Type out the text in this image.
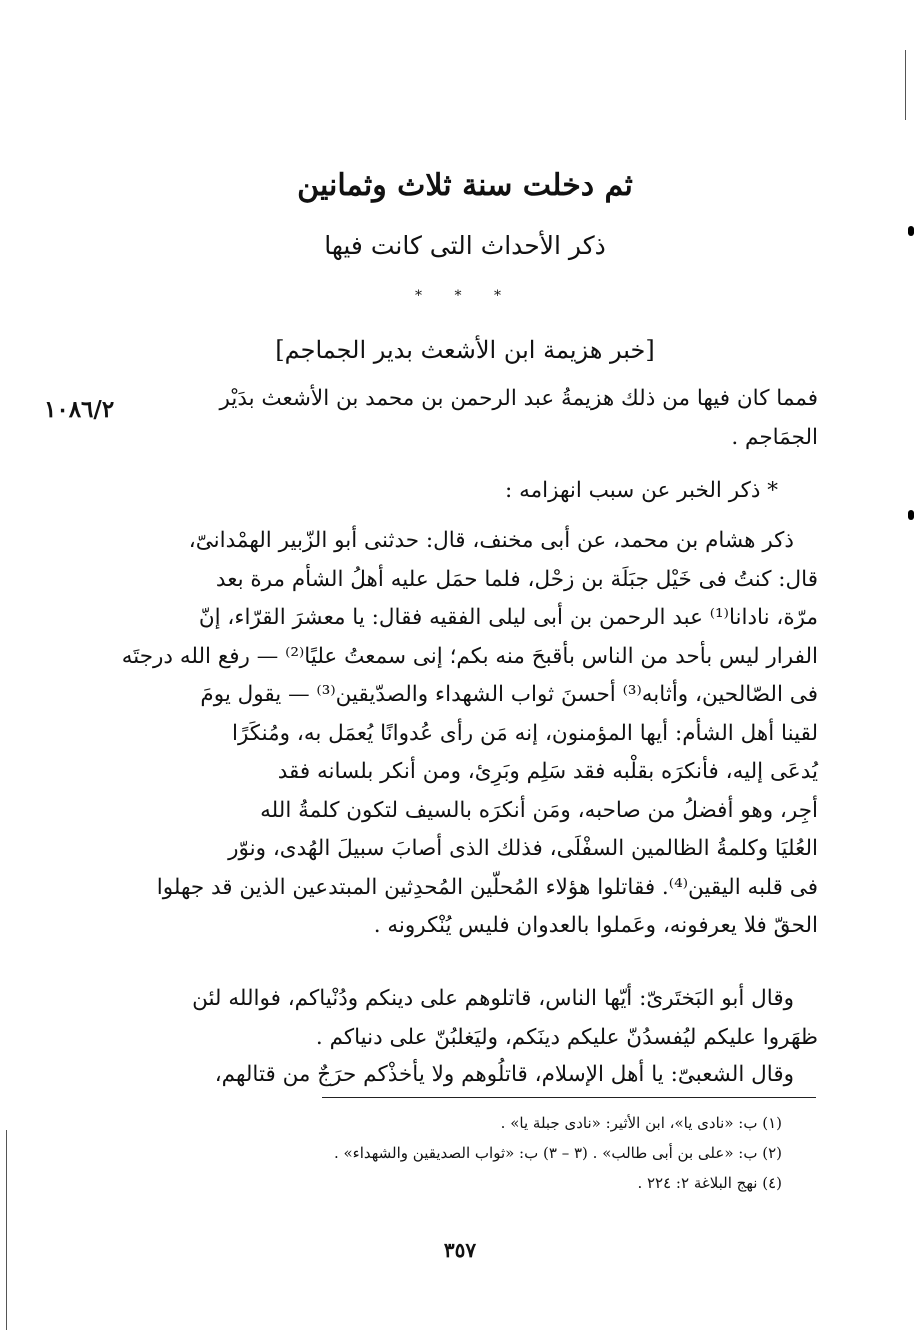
ثم دخلت سنة ثلاث وثمانين
ذكر الأحداث التى كانت فيها
* * *
[خبر هزيمة ابن الأشعث بدير الجماجم]
١٠٨٦/٢	فمما كان فيها من ذلك هزيمةُ عبد الرحمن بن محمد بن الأشعث بدَيْر
الجمَاجم .
* ذكر الخبر عن سبب انهزامه :
ذكر هشام بن محمد، عن أبى مخنف، قال: حدثنى أبو الزّبير الهمْدانىّ،
قال: كنتُ فى خَيْل جبَلَة بن زحْل، فلما حمَل عليه أهلُ الشأم مرة بعد
مرّة، نادانا⁽¹⁾ عبد الرحمن بن أبى ليلى الفقيه فقال: يا معشرَ القرّاء، إنّ
الفرار ليس بأحد من الناس بأقبحَ منه بكم؛ إنى سمعتُ عليًا⁽²⁾ — رفع الله درجتَه
فى الصّالحين، وأثابه⁽³⁾ أحسنَ ثواب الشهداء والصدّيقين⁽³⁾ — يقول يومَ
لقينا أهل الشأم: أيها المؤمنون، إنه مَن رأى عُدوانًا يُعمَل به، ومُنكَرًا
يُدعَى إليه، فأنكرَه بقلْبه فقد سَلِم وبَرِئ، ومن أنكر بلسانه فقد
أجِر، وهو أفضلُ من صاحبه، ومَن أنكرَه بالسيف لتكون كلمةُ الله
العُليَا وكلمةُ الظالمين السفْلَى، فذلك الذى أصابَ سبيلَ الهُدى، ونوّر
فى قلبه اليقين⁽⁴⁾. فقاتلوا هؤلاء المُحلّين المُحدِثين المبتدعين الذين قد جهلوا
الحقّ فلا يعرفونه، وعَملوا بالعدوان فليس يُنْكرونه .
وقال أبو البَختَرىّ: أيّها الناس، قاتلوهم على دينكم ودُنْياكم، فوالله لئن
ظهَروا عليكم ليُفسدُنّ عليكم دينَكم، وليَغلبُنّ على دنياكم .
وقال الشعبىّ: يا أهل الإسلام، قاتلُوهم ولا يأخذْكم حرَجٌ من قتالهم،
(١) ب: «نادى يا»، ابن الأثير: «نادى جبلة يا» .
(٢) ب: «على بن أبى طالب» . (٣ – ٣) ب: «ثواب الصديقين والشهداء» .
(٤) نهج البلاغة ٢: ٢٢٤ .
٣٥٧
